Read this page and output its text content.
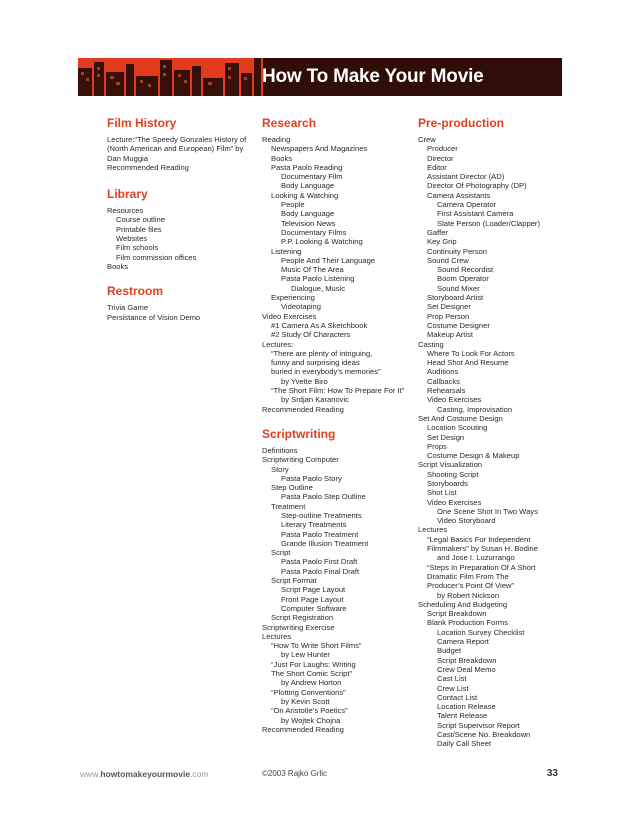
How To Make Your Movie
Film History
Lecture:“The Speedy Gonzales History of
(North American and European) Film” by
Dan Muggia
Recommended Reading
Library
Resources
Course outline
Printable files
Websites
Film schools
Film commission offices
Books
Restroom
Trivia Game
Persistance of Vision Demo
Research
Reading
Newspapers And Magazines
Books
Pasta Paolo Reading
Documentary Film
Body Language
Looking & Watching
People
Body Language
Television News
Documentary Films
P.P. Looking & Watching
Listening
People And Their Language
Music Of The Area
Pasta Paolo Listening
Dialogue, Music
Experiencing
Videotaping
Video Exercises
#1 Camera As A Sketchbook
#2 Study Of Characters
Lectures:
“There are plenty of intriguing,
funny and surprising ideas
buried in everybody’s memories”
by Yvette Biro
“The Short Film: How To Prepare For It”
by Srdjan Karanovic
Recommended Reading
Scriptwriting
Definitions
Scriptwriting Computer
Story
Pasta Paolo Story
Step Outline
Pasta Paolo Step Outline
Treatment
Step-outline Treatments
Literary Treatments
Pasta Paolo Treatment
Grande Illusion Treatment
Script
Pasta Paolo First Draft
Pasta Paolo Final Draft
Script Format
Script Page Layout
Front Page Layout
Computer Software
Script Registration
Scriptwriting Exercise
Lectures
“How To Write Short Films”
by Lew Hunter
“Just For Laughs: Writing
The Short Comic Script”
by Andrew Horton
“Plotting Conventions”
by Kevin Scott
“On Aristotle’s Poetics”
by Wojtek Chojna
Recommended Reading
Pre-production
Crew
Producer
Director
Editor
Assistant Director (AD)
Director Of Photography (DP)
Camera Assistants
Camera Operator
First Assistant Camera
Slate Person (Loader/Clapper)
Gaffer
Key Grip
Continuity Person
Sound Crew
Sound Recordist
Boom Operator
Sound Mixer
Storyboard Artist
Set Designer
Prop Person
Costume Designer
Makeup Artist
Casting
Where To Look For Actors
Head Shot And Resume
Auditions
Callbacks
Rehearsals
Video Exercises
Casting, Improvisation
Set And Costume Design
Location Scouting
Set Design
Props
Costume Design & Makeup
Script Visualization
Shooting Script
Storyboards
Shot List
Video Exercises
One Scene Shot In Two Ways
Video Storyboard
Lectures
“Legal Basics For Independent
Filmmakers” by Susan H. Bodine
and Jose I. Luzurrango
“Steps In Preparation Of A Short
Dramatic Film From The
Producer’s Point Of View”
by Robert Nickson
Scheduling And Budgeting
Script Breakdown
Blank Production Forms
Location Survey Checklist
Camera Report
Budget
Script Breakdown
Crew Deal Memo
Cast List
Crew List
Contact List
Location Release
Talent Release
Script Supervisor Report
Cast/Scene No. Breakdown
Daily Call Sheet
www.howtomakeyourmovie.com	©2003 Rajko Grlic	33
